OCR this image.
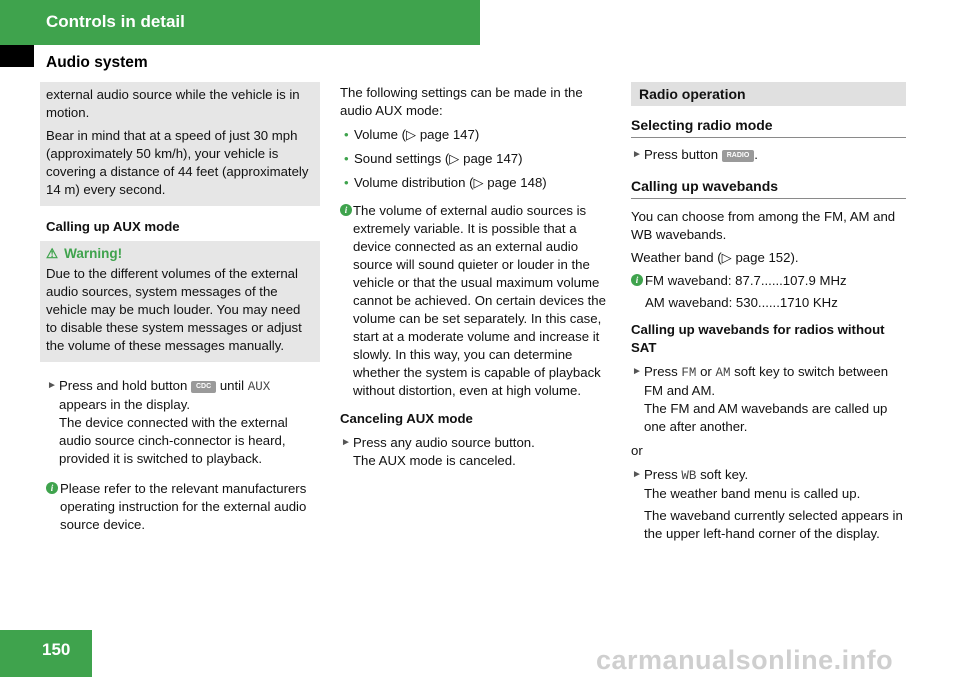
Controls in detail
Audio system

external audio source while the vehicle is in motion.

Bear in mind that at a speed of just 30 mph (approximately 50 km/h), your vehicle is covering a distance of 44 feet (approximately 14 m) every second.

Calling up AUX mode

⚠ Warning!

Due to the different volumes of the external audio sources, system messages of the vehicle may be much louder. You may need to disable these system messages or adjust the volume of these messages manually.

► Press and hold button CDC until AUX
appears in the display.
The device connected with the external audio source cinch-connector is heard, provided it is switched to playback.
i Please refer to the relevant manufacturers operating instruction for the external audio source device.

The following settings can be made in the audio AUX mode:

• Volume (▷ page 147)
• Sound settings (▷ page 147)
• Volume distribution (▷ page 148)
i The volume of external audio sources is extremely variable. It is possible that a device connected as an external audio source will sound quieter or louder in the vehicle or that the usual maximum volume cannot be achieved. On certain devices the volume can be set separately. In this case, start at a moderate volume and increase it slowly. In this way, you can determine whether the system is capable of playback without distortion, even at high volume.

Canceling AUX mode

► Press any audio source button.
The AUX mode is canceled.
Radio operation
Selecting radio mode
► Press button RADIO .
Calling up wavebands

You can choose from among the FM, AM and WB wavebands.

Weather band (▷ page 152).

i FM waveband: 87.7......107.9 MHz
AM waveband: 530......1710 KHz

Calling up wavebands for radios without SAT

► Press FM or AM soft key to switch between FM and AM.
The FM and AM wavebands are called up one after another.

or

► Press WB soft key.
The weather band menu is called up.
The waveband currently selected appears in the upper left-hand corner of the display.
150	carmanualsonline.info
